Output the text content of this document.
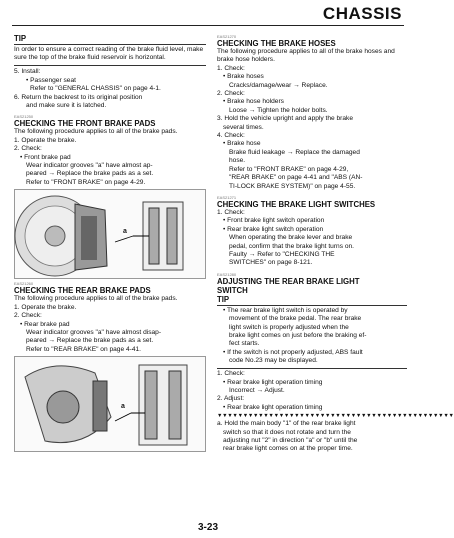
CHASSIS
TIP
In order to ensure a correct reading of the brake fluid level, make sure the top of the brake fluid reservoir is horizontal.
5. Install:
• Passenger seat
Refer to "GENERAL CHASSIS" on page 4-1.
6. Return the backrest to its original position
and make sure it is latched.
EAS21250
CHECKING THE FRONT BRAKE PADS
The following procedure applies to all of the brake pads.
1. Operate the brake.
2. Check:
• Front brake pad
Wear indicator grooves "a" have almost ap-
peared → Replace the brake pads as a set.
Refer to "FRONT BRAKE" on page 4-29.
a
EAS21260
CHECKING THE REAR BRAKE PADS
The following procedure applies to all of the brake pads.
1. Operate the brake.
2. Check:
• Rear brake pad
Wear indicator grooves "a" have almost disap-
peared → Replace the brake pads as a set.
Refer to "REAR BRAKE" on page 4-41.
a
EAS21270
CHECKING THE BRAKE HOSES
The following procedure applies to all of the brake hoses and brake hose holders.
1. Check:
• Brake hoses
Cracks/damage/wear → Replace.
2. Check:
• Brake hose holders
Loose → Tighten the holder bolts.
3. Hold the vehicle upright and apply the brake
several times.
4. Check:
• Brake hose
Brake fluid leakage → Replace the damaged
hose.
Refer to "FRONT BRAKE" on page 4-29,
"REAR BRAKE" on page 4-41 and "ABS (AN-
TI-LOCK BRAKE SYSTEM)" on page 4-55.
EAS21271
CHECKING THE BRAKE LIGHT SWITCHES
1. Check:
• Front brake light switch operation
• Rear brake light switch operation
When operating the brake lever and brake
pedal, confirm that the brake light turns on.
Faulty → Refer to "CHECKING THE
SWITCHES" on page 8-121.
EAS21280
ADJUSTING THE REAR BRAKE LIGHT
SWITCH
TIP
• The rear brake light switch is operated by
movement of the brake pedal. The rear brake
light switch is properly adjusted when the
brake light comes on just before the braking ef-
fect starts.
• If the switch is not properly adjusted, ABS fault
code No.23 may be displayed.
1. Check:
• Rear brake light operation timing
Incorrect → Adjust.
2. Adjust:
• Rear brake light operation timing
▼▼▼▼▼▼▼▼▼▼▼▼▼▼▼▼▼▼▼▼▼▼▼▼▼▼▼▼▼▼▼▼▼▼▼▼▼▼▼▼▼▼▼▼▼▼
a. Hold the main body "1" of the rear brake light
switch so that it does not rotate and turn the
adjusting nut "2" in direction "a" or "b" until the
rear brake light comes on at the proper time.
3-23
